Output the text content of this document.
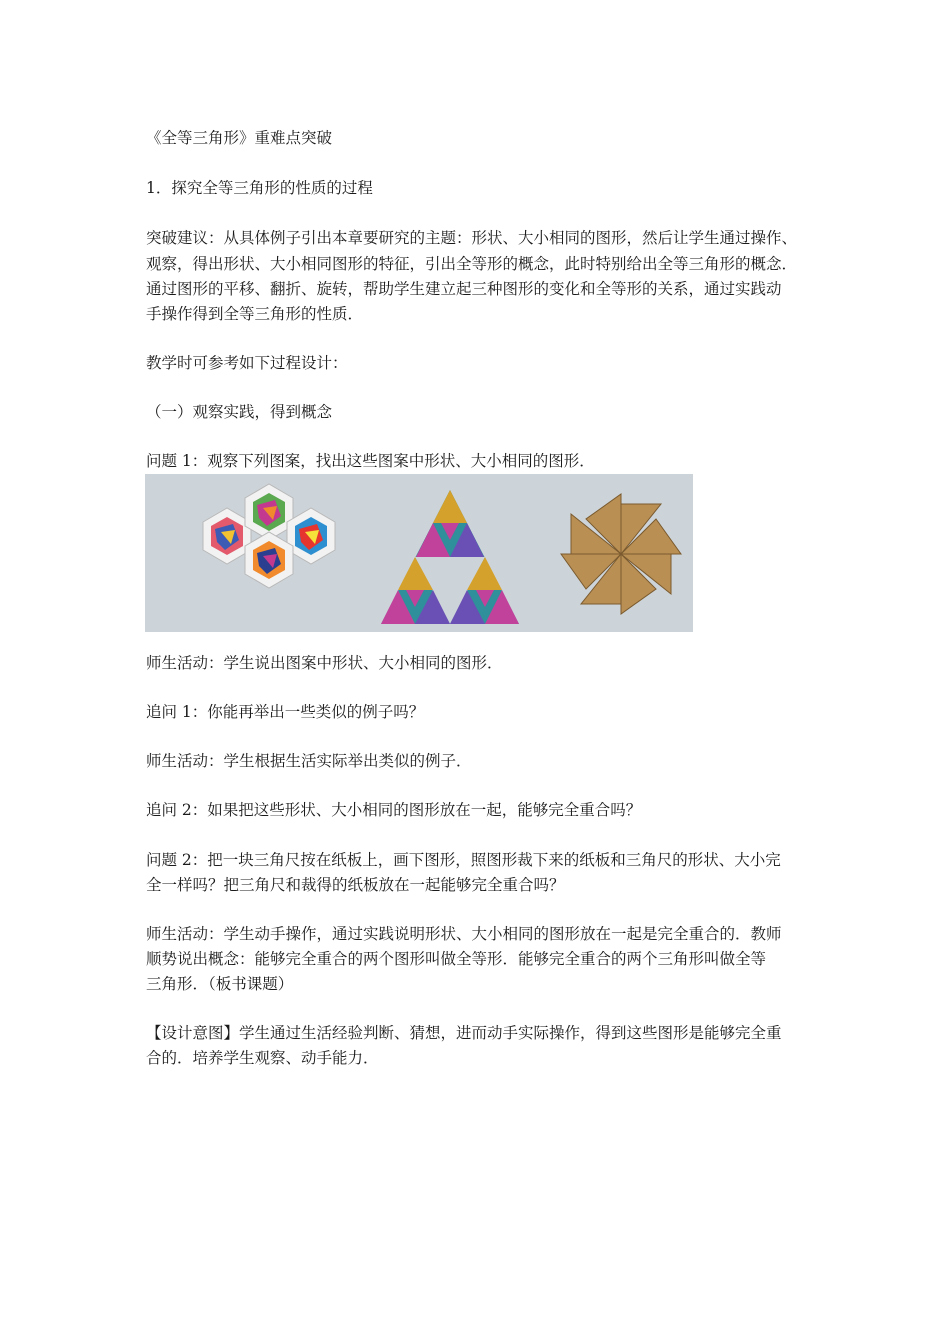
《全等三角形》重难点突破

1．探究全等三角形的性质的过程

突破建议：从具体例子引出本章要研究的主题：形状、大小相同的图形，然后让学生通过操作、

观察，得出形状、大小相同图形的特征，引出全等形的概念，此时特别给出全等三角形的概念．

通过图形的平移、翻折、旋转，帮助学生建立起三种图形的变化和全等形的关系，通过实践动

手操作得到全等三角形的性质．

教学时可参考如下过程设计：

（一）观察实践，得到概念

问题 1：观察下列图案，找出这些图案中形状、大小相同的图形．

师生活动：学生说出图案中形状、大小相同的图形．

追问 1：你能再举出一些类似的例子吗？

师生活动：学生根据生活实际举出类似的例子．

追问 2：如果把这些形状、大小相同的图形放在一起，能够完全重合吗？

问题 2：把一块三角尺按在纸板上，画下图形，照图形裁下来的纸板和三角尺的形状、大小完

全一样吗？把三角尺和裁得的纸板放在一起能够完全重合吗？

师生活动：学生动手操作，通过实践说明形状、大小相同的图形放在一起是完全重合的．教师

顺势说出概念：能够完全重合的两个图形叫做全等形．能够完全重合的两个三角形叫做全等

三角形．（板书课题）

【设计意图】学生通过生活经验判断、猜想，进而动手实际操作，得到这些图形是能够完全重

合的．培养学生观察、动手能力．
